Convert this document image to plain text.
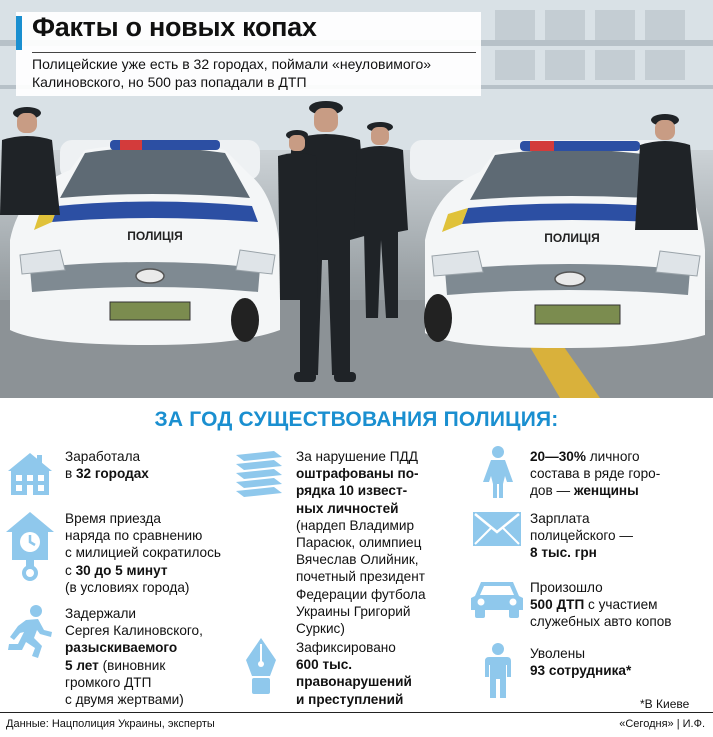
ПОЛИЦІЯ	ПОЛИЦІЯ
Факты о новых копах
Полицейские уже есть в 32 городах, поймали «неуловимого»
Калиновского, но 500 раз попадали в ДТП
ЗА ГОД СУЩЕСТВОВАНИЯ ПОЛИЦИЯ:
Заработала
в 32 городах
Время приезда
наряда по сравнению
с милицией сократилось
с 30 до 5 минут
(в условиях города)
Задержали
Сергея Калиновского,
разыскиваемого
5 лет (виновник
громкого ДТП
с двумя жертвами)
За нарушение ПДД
оштрафованы по-
рядка 10 извест-
ных личностей
(нардеп Владимир
Парасюк, олимпиец
Вячеслав Олийник,
почетный президент
Федерации футбола
Украины Григорий
Суркис)
Зафиксировано
600 тыс.
правонарушений
и преступлений
20—30% личного
состава в ряде горо-
дов — женщины
Зарплата
полицейского —
8 тыс. грн
Произошло
500 ДТП с участием
служебных авто копов
Уволены
93 сотрудника*
*В Киеве
Данные: Нацполиция Украины, эксперты	«Сегодня» | И.Ф.
